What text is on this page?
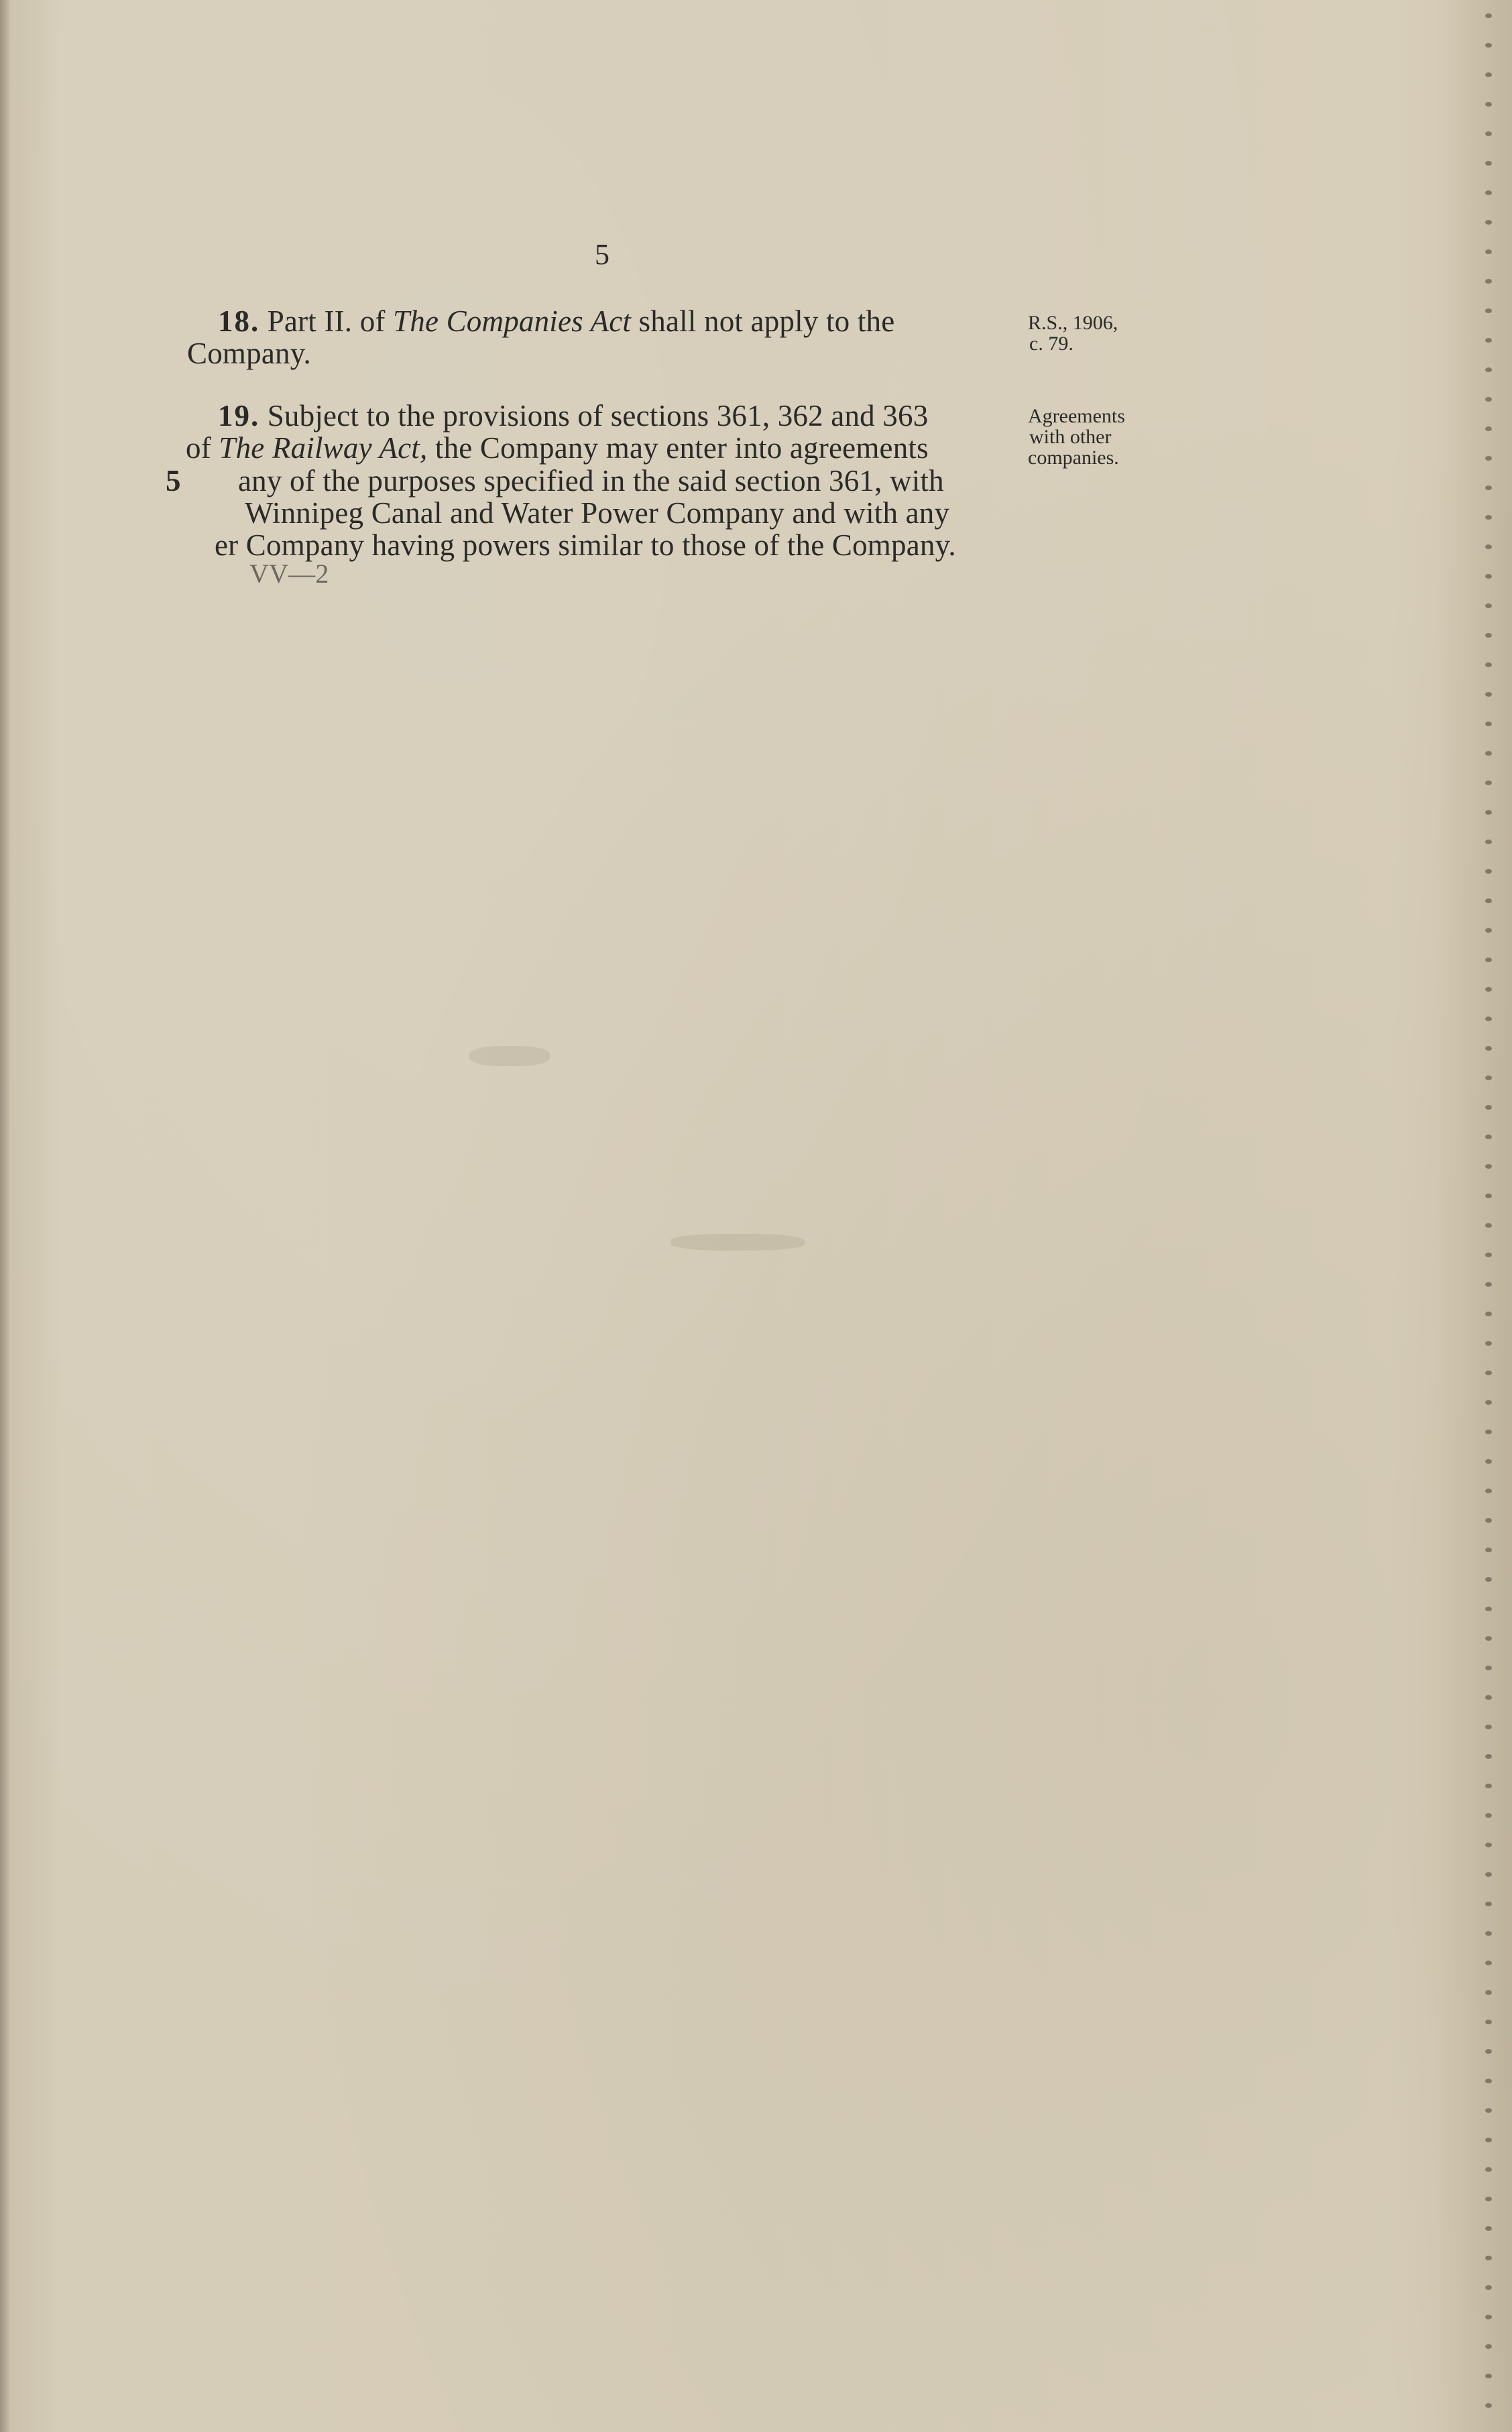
5
18. Part II. of The Companies Act shall not apply to the
Company.
R.S., 1906,
c. 79.
19. Subject to the provisions of sections 361, 362 and 363
of The Railway Act, the Company may enter into agreements
5 any of the purposes specified in the said section 361, with
Winnipeg Canal and Water Power Company and with any
er Company having powers similar to those of the Company.
Agreements
with other
companies.
VV—2
